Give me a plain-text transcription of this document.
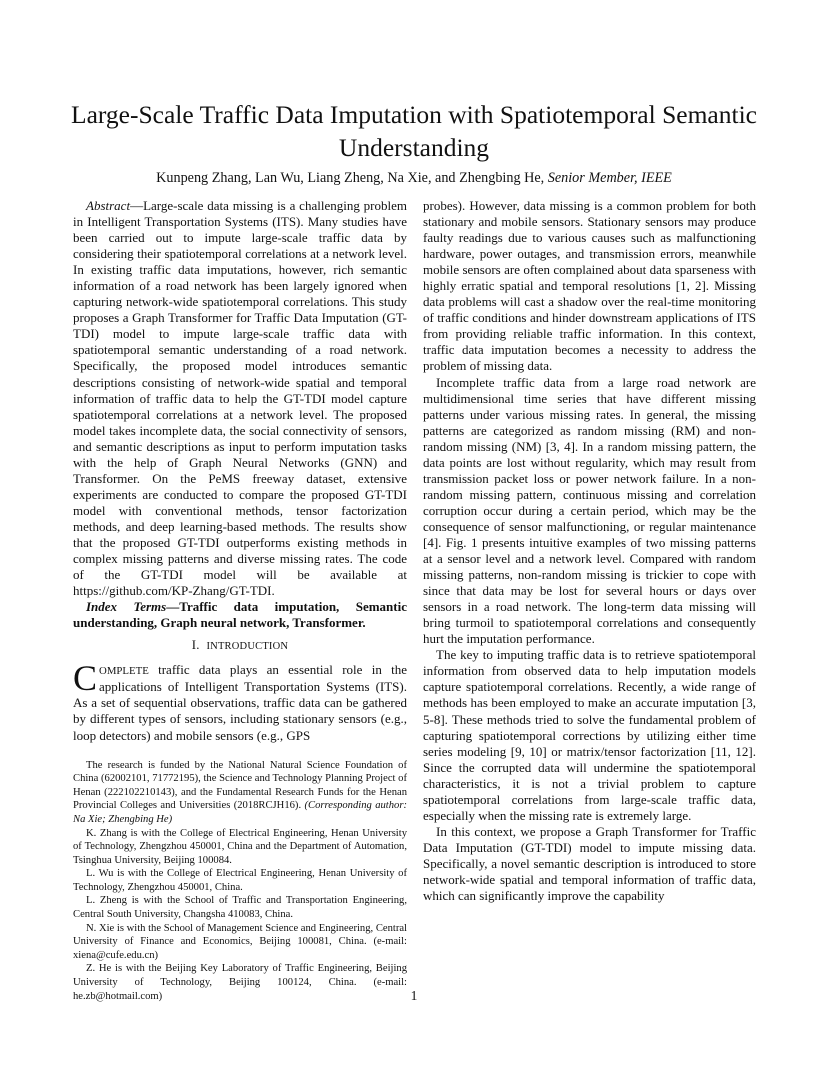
Large-Scale Traffic Data Imputation with Spatiotemporal Semantic Understanding
Kunpeng Zhang, Lan Wu, Liang Zheng, Na Xie, and Zhengbing He, Senior Member, IEEE

Abstract—Large-scale data missing is a challenging problem in Intelligent Transportation Systems (ITS). Many studies have been carried out to impute large-scale traffic data by considering their spatiotemporal correlations at a network level. In existing traffic data imputations, however, rich semantic information of a road network has been largely ignored when capturing network-wide spatiotemporal correlations. This study proposes a Graph Transformer for Traffic Data Imputation (GT-TDI) model to impute large-scale traffic data with spatiotemporal semantic understanding of a road network. Specifically, the proposed model introduces semantic descriptions consisting of network-wide spatial and temporal information of traffic data to help the GT-TDI model capture spatiotemporal correlations at a network level. The proposed model takes incomplete data, the social connectivity of sensors, and semantic descriptions as input to perform imputation tasks with the help of Graph Neural Networks (GNN) and Transformer. On the PeMS freeway dataset, extensive experiments are conducted to compare the proposed GT-TDI model with conventional methods, tensor factorization methods, and deep learning-based methods. The results show that the proposed GT-TDI outperforms existing methods in complex missing patterns and diverse missing rates. The code of the GT-TDI model will be available at https://github.com/KP-Zhang/GT-TDI.

Index Terms—Traffic data imputation, Semantic understanding, Graph neural network, Transformer.

I. INTRODUCTION

COMPLETE traffic data plays an essential role in the applications of Intelligent Transportation Systems (ITS). As a set of sequential observations, traffic data can be gathered by different types of sensors, including stationary sensors (e.g., loop detectors) and mobile sensors (e.g., GPS

The research is funded by the National Natural Science Foundation of China (62002101, 71772195), the Science and Technology Planning Project of Henan (222102210143), and the Fundamental Research Funds for the Henan Provincial Colleges and Universities (2018RCJH16). (Corresponding author: Na Xie; Zhengbing He)

K. Zhang is with the College of Electrical Engineering, Henan University of Technology, Zhengzhou 450001, China and the Department of Automation, Tsinghua University, Beijing 100084.

L. Wu is with the College of Electrical Engineering, Henan University of Technology, Zhengzhou 450001, China.

L. Zheng is with the School of Traffic and Transportation Engineering, Central South University, Changsha 410083, China.

N. Xie is with the School of Management Science and Engineering, Central University of Finance and Economics, Beijing 100081, China. (e-mail: xiena@cufe.edu.cn)

Z. He is with the Beijing Key Laboratory of Traffic Engineering, Beijing University of Technology, Beijing 100124, China. (e-mail: he.zb@hotmail.com)

probes). However, data missing is a common problem for both stationary and mobile sensors. Stationary sensors may produce faulty readings due to various causes such as malfunctioning hardware, power outages, and transmission errors, meanwhile mobile sensors are often complained about data sparseness with highly erratic spatial and temporal resolutions [1, 2]. Missing data problems will cast a shadow over the real-time monitoring of traffic conditions and hinder downstream applications of ITS from providing reliable traffic information. In this context, traffic data imputation becomes a necessity to address the problem of missing data.

Incomplete traffic data from a large road network are multidimensional time series that have different missing patterns under various missing rates. In general, the missing patterns are categorized as random missing (RM) and non-random missing (NM) [3, 4]. In a random missing pattern, the data points are lost without regularity, which may result from transmission packet loss or power network failure. In a non-random missing pattern, continuous missing and correlation corruption occur during a certain period, which may be the consequence of sensor malfunctioning, or regular maintenance [4]. Fig. 1 presents intuitive examples of two missing patterns at a sensor level and a network level. Compared with random missing patterns, non-random missing is trickier to cope with since that data may be lost for several hours or days over sensors in a road network. The long-term data missing will bring turmoil to spatiotemporal correlations and consequently hurt the imputation performance.

The key to imputing traffic data is to retrieve spatiotemporal information from observed data to help imputation models capture spatiotemporal correlations. Recently, a wide range of methods has been employed to make an accurate imputation [3, 5-8]. These methods tried to solve the fundamental problem of capturing spatiotemporal corrections by utilizing either time series modeling [9, 10] or matrix/tensor factorization [11, 12]. Since the corrupted data will undermine the spatiotemporal characteristics, it is not a trivial problem to capture spatiotemporal correlations from large-scale traffic data, especially when the missing rate is extremely large.

In this context, we propose a Graph Transformer for Traffic Data Imputation (GT-TDI) model to impute missing data. Specifically, a novel semantic description is introduced to store network-wide spatial and temporal information of traffic data, which can significantly improve the capability

1
